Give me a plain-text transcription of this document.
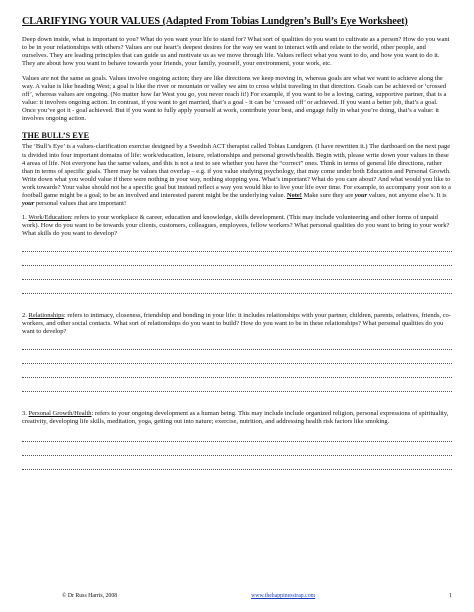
CLARIFYING YOUR VALUES (Adapted From Tobias Lundgren’s Bull’s Eye Worksheet)

Deep down inside, what is important to you? What do you want your life to stand for? What sort of qualities do you want to cultivate as a person? How do you want to be in your relationships with others? Values are our heart’s deepest desires for the way we want to interact with and relate to the world, other people, and ourselves. They are leading principles that can guide us and motivate us as we move through life. Values reflect what you want to do, and how you want to do it. They are about how you want to behave towards your friends, your family, yourself, your environment, your work, etc.

Values are not the same as goals. Values involve ongoing action; they are like directions we keep moving in, whereas goals are what we want to achieve along the way. A value is like heading West; a goal is like the river or mountain or valley we aim to cross whilst traveling in that direction. Goals can be achieved or ‘crossed off’, whereas values are ongoing. (No matter how far West you go, you never reach it!) For example, if you want to be a loving, caring, supportive partner, that is a value: it involves ongoing action. In contrast, if you want to get married, that’s a goal - it can be ‘crossed off’ or achieved. If you want a better job, that’s a goal. Once you’ve got it - goal achieved. But if you want to fully apply yourself at work, contribute your best, and engage fully in what you’re doing, that’s a value: it involves ongoing action.

THE BULL’S EYE

The ‘Bull’s Eye’ is a values-clarification exercise designed by a Swedish ACT therapist called Tobias Lundgren. (I have rewritten it.) The dartboard on the next page is divided into four important domains of life: work/education, leisure, relationships and personal growth/health. Begin with, please write down your values in these 4 areas of life. Not everyone has the same values, and this is not a test to see whether you have the “correct” ones. Think in terms of general life directions, rather than in terms of specific goals. There may be values that overlap – e.g. if you value studying psychology, that may come under both Education and Personal Growth. Write down what you would value if there were nothing in your way, nothing stopping you. What’s important? What do you care about? And what would you like to work towards? Your value should not be a specific goal but instead reflect a way you would like to live your life over time. For example, to accompany your son to a football game might be a goal; to be an involved and interested parent might be the underlying value. Note! Make sure they are your values, not anyone else’s. It is your personal values that are important!

1. Work/Education: refers to your workplace & career, education and knowledge, skills development. (This may include volunteering and other forms of unpaid work). How do you want to be towards your clients, customers, colleagues, employees, fellow workers? What personal qualities do you want to bring to your work? What skills do you want to develop?
2. Relationships: refers to intimacy, closeness, friendship and bonding in your life: it includes relationships with your partner, children, parents, relatives, friends, co-workers, and other social contacts. What sort of relationships do you want to build? How do you want to be in these relationships? What personal qualities do you want to develop?
3. Personal Growth/Health: refers to your ongoing development as a human being. This may include include organized religion, personal expressions of spirituality, creativity, developing life skills, meditation, yoga, getting out into nature; exercise, nutrition, and addressing health risk factors like smoking.
© Dr Russ Harris, 2008	www.thehappinesstrap.com	1
